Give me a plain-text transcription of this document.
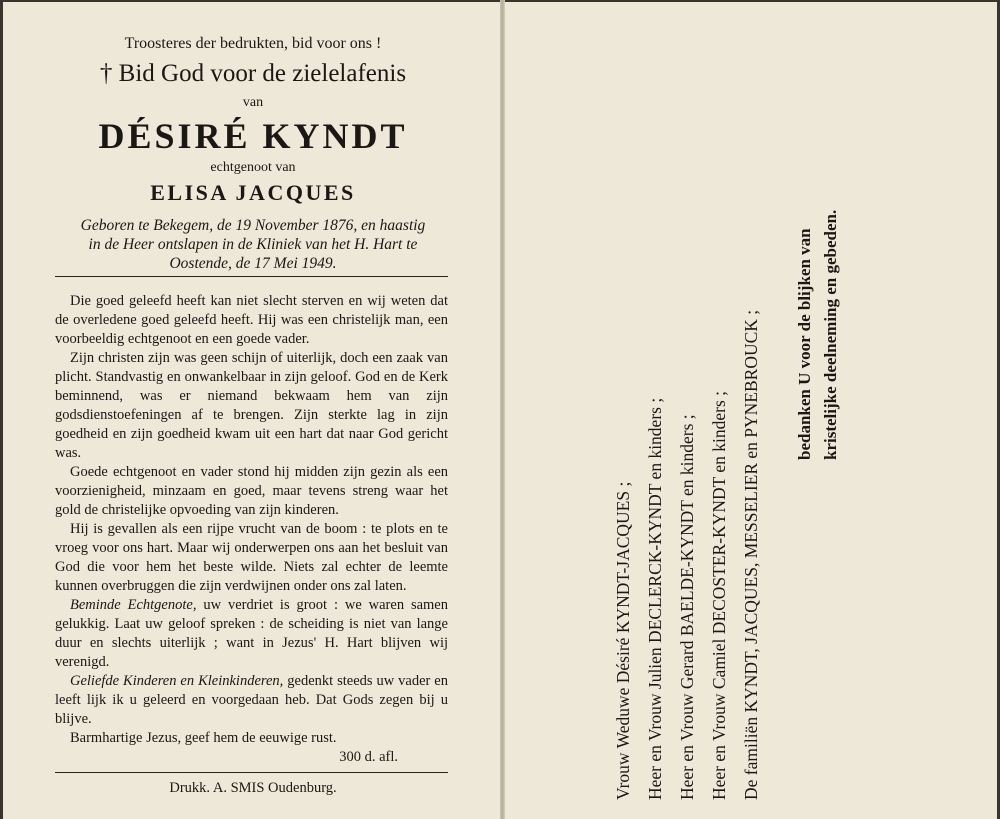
Troosteres der bedrukten, bid voor ons !
† Bid God voor de zielelafenis
van
DÉSIRÉ KYNDT
echtgenoot van
ELISA JACQUES
Geboren te Bekegem, de 19 November 1876, en haastig
in de Heer ontslapen in de Kliniek van het H. Hart te
Oostende, de 17 Mei 1949.

Die goed geleefd heeft kan niet slecht sterven en wij weten dat de overledene goed geleefd heeft. Hij was een christelijk man, een voorbeeldig echtgenoot en een goede vader.

Zijn christen zijn was geen schijn of uiterlijk, doch een zaak van plicht. Standvastig en onwankelbaar in zijn geloof. God en de Kerk beminnend, was er niemand bekwaam hem van zijn godsdienstoefeningen af te brengen. Zijn sterkte lag in zijn goedheid en zijn goedheid kwam uit een hart dat naar God gericht was.

Goede echtgenoot en vader stond hij midden zijn gezin als een voorzienigheid, minzaam en goed, maar tevens streng waar het gold de christelijke opvoeding van zijn kinderen.

Hij is gevallen als een rijpe vrucht van de boom : te plots en te vroeg voor ons hart. Maar wij onderwerpen ons aan het besluit van God die voor hem het beste wilde. Niets zal echter de leemte kunnen overbruggen die zijn verdwijnen onder ons zal laten.

Beminde Echtgenote, uw verdriet is groot : we waren samen gelukkig. Laat uw geloof spreken : de scheiding is niet van lange duur en slechts uiterlijk ; want in Jezus' H. Hart blijven wij verenigd.

Geliefde Kinderen en Kleinkinderen, gedenkt steeds uw vader en leeft lijk ik u geleerd en voorgedaan heb. Dat Gods zegen bij u blijve.

Barmhartige Jezus, geef hem de eeuwige rust.

300 d. afl.

Drukk. A. SMIS Oudenburg.	Vrouw Weduwe Désiré KYNDT-JACQUES ; Heer en Vrouw Julien DECLERCK-KYNDT en kinders ; Heer en Vrouw Gerard BAELDE-KYNDT en kinders ; Heer en Vrouw Camiel DECOSTER-KYNDT en kinders ; De familiën KYNDT, JACQUES, MESSELIER en PYNEBROUCK ; bedanken U voor de blijken van kristelijke deelneming en gebeden.
